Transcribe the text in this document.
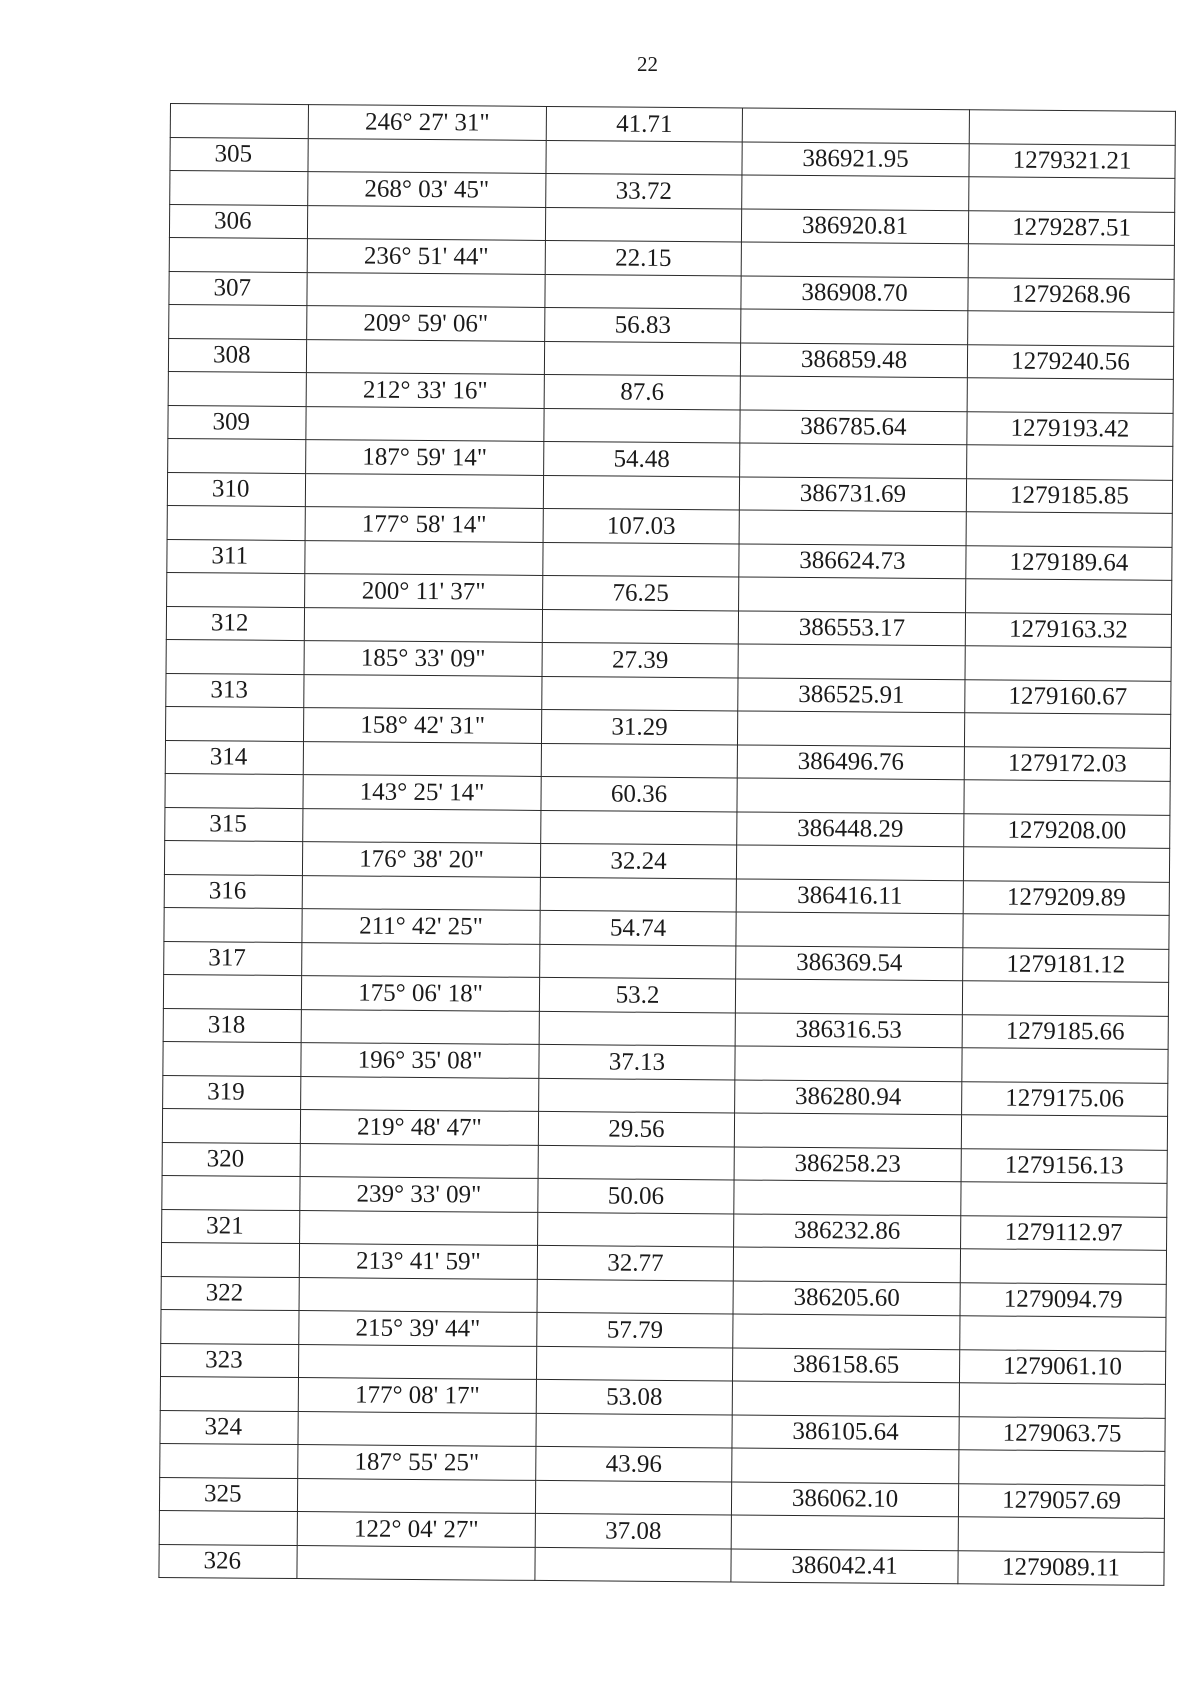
22
	246° 27' 31"	41.71		
305			386921.95	1279321.21
	268° 03' 45"	33.72		
306			386920.81	1279287.51
	236° 51' 44"	22.15		
307			386908.70	1279268.96
	209° 59' 06"	56.83		
308			386859.48	1279240.56
	212° 33' 16"	87.6		
309			386785.64	1279193.42
	187° 59' 14"	54.48		
310			386731.69	1279185.85
	177° 58' 14"	107.03		
311			386624.73	1279189.64
	200° 11' 37"	76.25		
312			386553.17	1279163.32
	185° 33' 09"	27.39		
313			386525.91	1279160.67
	158° 42' 31"	31.29		
314			386496.76	1279172.03
	143° 25' 14"	60.36		
315			386448.29	1279208.00
	176° 38' 20"	32.24		
316			386416.11	1279209.89
	211° 42' 25"	54.74		
317			386369.54	1279181.12
	175° 06' 18"	53.2		
318			386316.53	1279185.66
	196° 35' 08"	37.13		
319			386280.94	1279175.06
	219° 48' 47"	29.56		
320			386258.23	1279156.13
	239° 33' 09"	50.06		
321			386232.86	1279112.97
	213° 41' 59"	32.77		
322			386205.60	1279094.79
	215° 39' 44"	57.79		
323			386158.65	1279061.10
	177° 08' 17"	53.08		
324			386105.64	1279063.75
	187° 55' 25"	43.96		
325			386062.10	1279057.69
	122° 04' 27"	37.08		
326			386042.41	1279089.11
